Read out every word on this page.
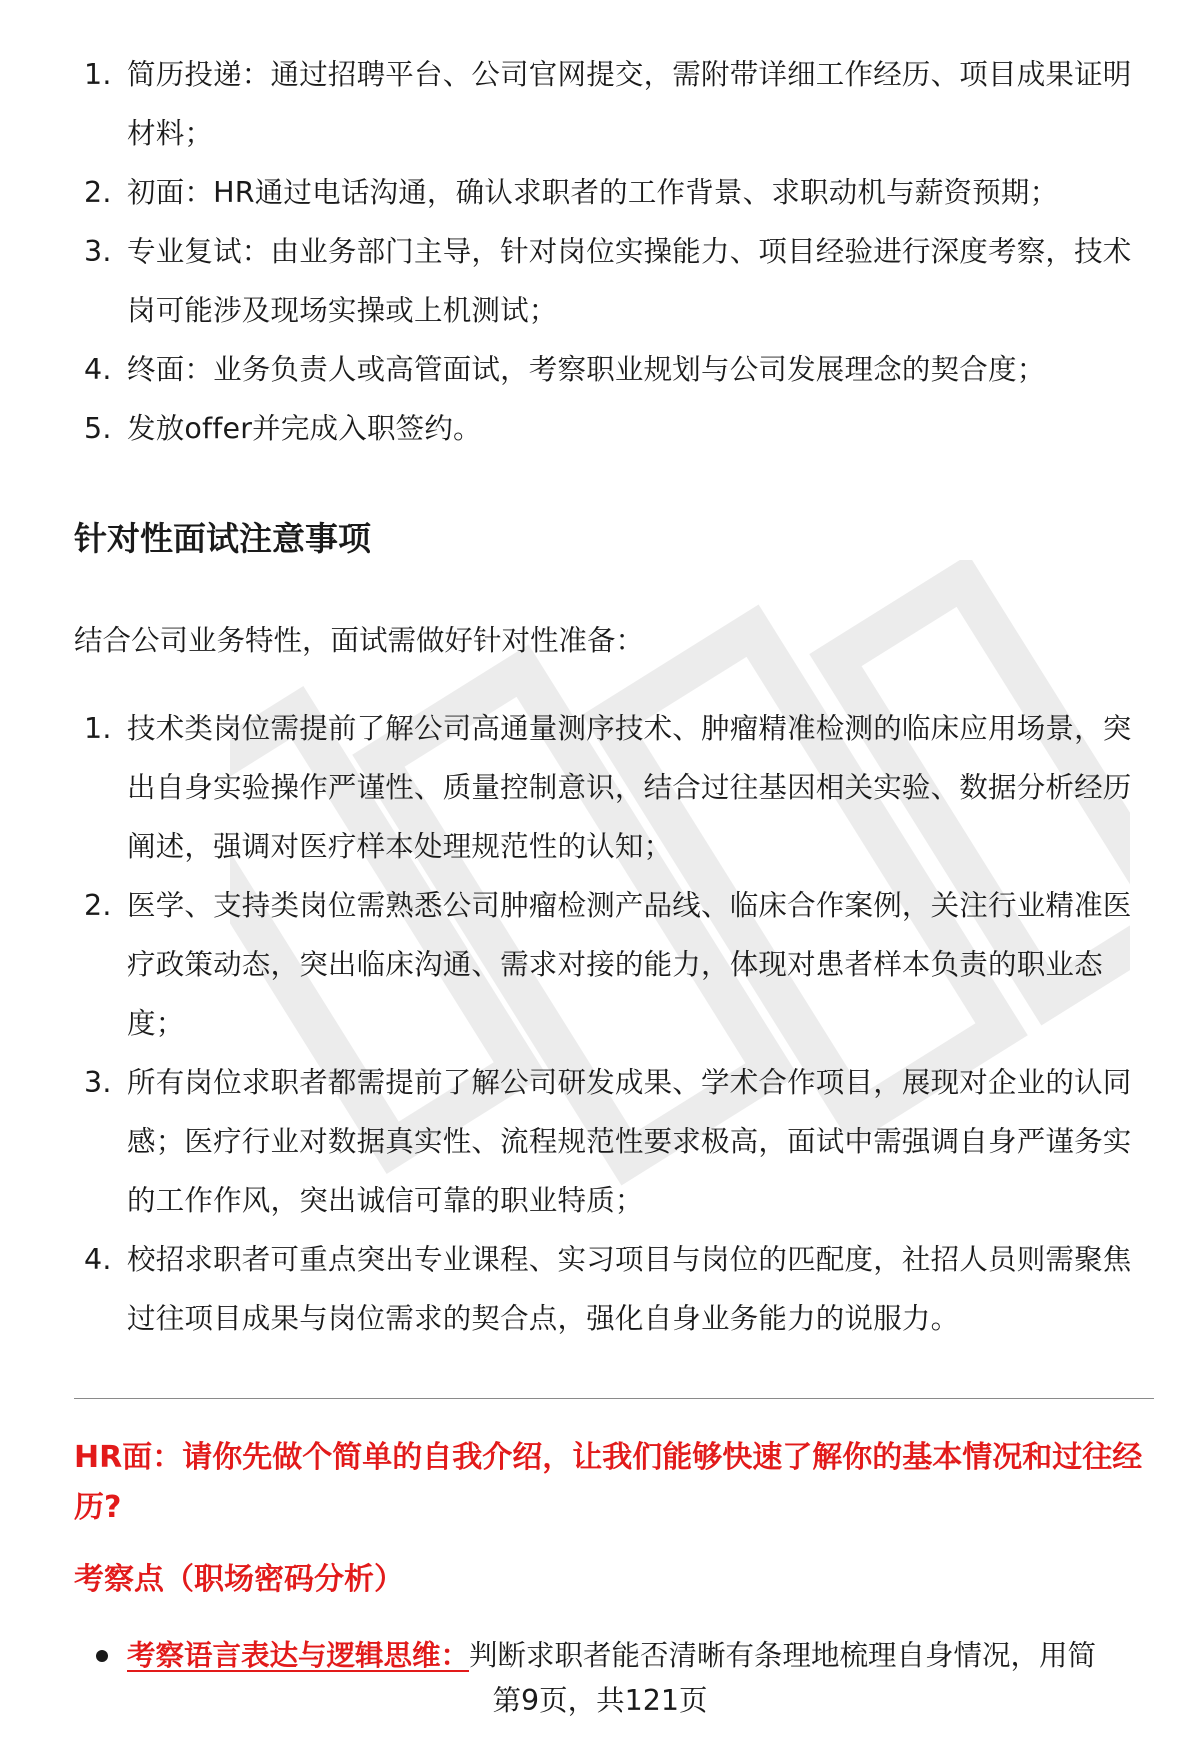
1. 简历投递：通过招聘平台、公司官网提交，需附带详细工作经历、项目成果证明材料；
2. 初面：HR通过电话沟通，确认求职者的工作背景、求职动机与薪资预期；
3. 专业复试：由业务部门主导，针对岗位实操能力、项目经验进行深度考察，技术岗可能涉及现场实操或上机测试；
4. 终面：业务负责人或高管面试，考察职业规划与公司发展理念的契合度；
5. 发放offer并完成入职签约。
针对性面试注意事项

结合公司业务特性，面试需做好针对性准备：

1. 技术类岗位需提前了解公司高通量测序技术、肿瘤精准检测的临床应用场景，突出自身实验操作严谨性、质量控制意识，结合过往基因相关实验、数据分析经历阐述，强调对医疗样本处理规范性的认知；
2. 医学、支持类岗位需熟悉公司肿瘤检测产品线、临床合作案例，关注行业精准医疗政策动态，突出临床沟通、需求对接的能力，体现对患者样本负责的职业态度；
3. 所有岗位求职者都需提前了解公司研发成果、学术合作项目，展现对企业的认同感；医疗行业对数据真实性、流程规范性要求极高，面试中需强调自身严谨务实的工作作风，突出诚信可靠的职业特质；
4. 校招求职者可重点突出专业课程、实习项目与岗位的匹配度，社招人员则需聚焦过往项目成果与岗位需求的契合点，强化自身业务能力的说服力。

HR面：请你先做个简单的自我介绍，让我们能够快速了解你的基本情况和过往经历?

考察点（职场密码分析）

考察语言表达与逻辑思维：判断求职者能否清晰有条理地梳理自身情况，用简
第9页，共121页
